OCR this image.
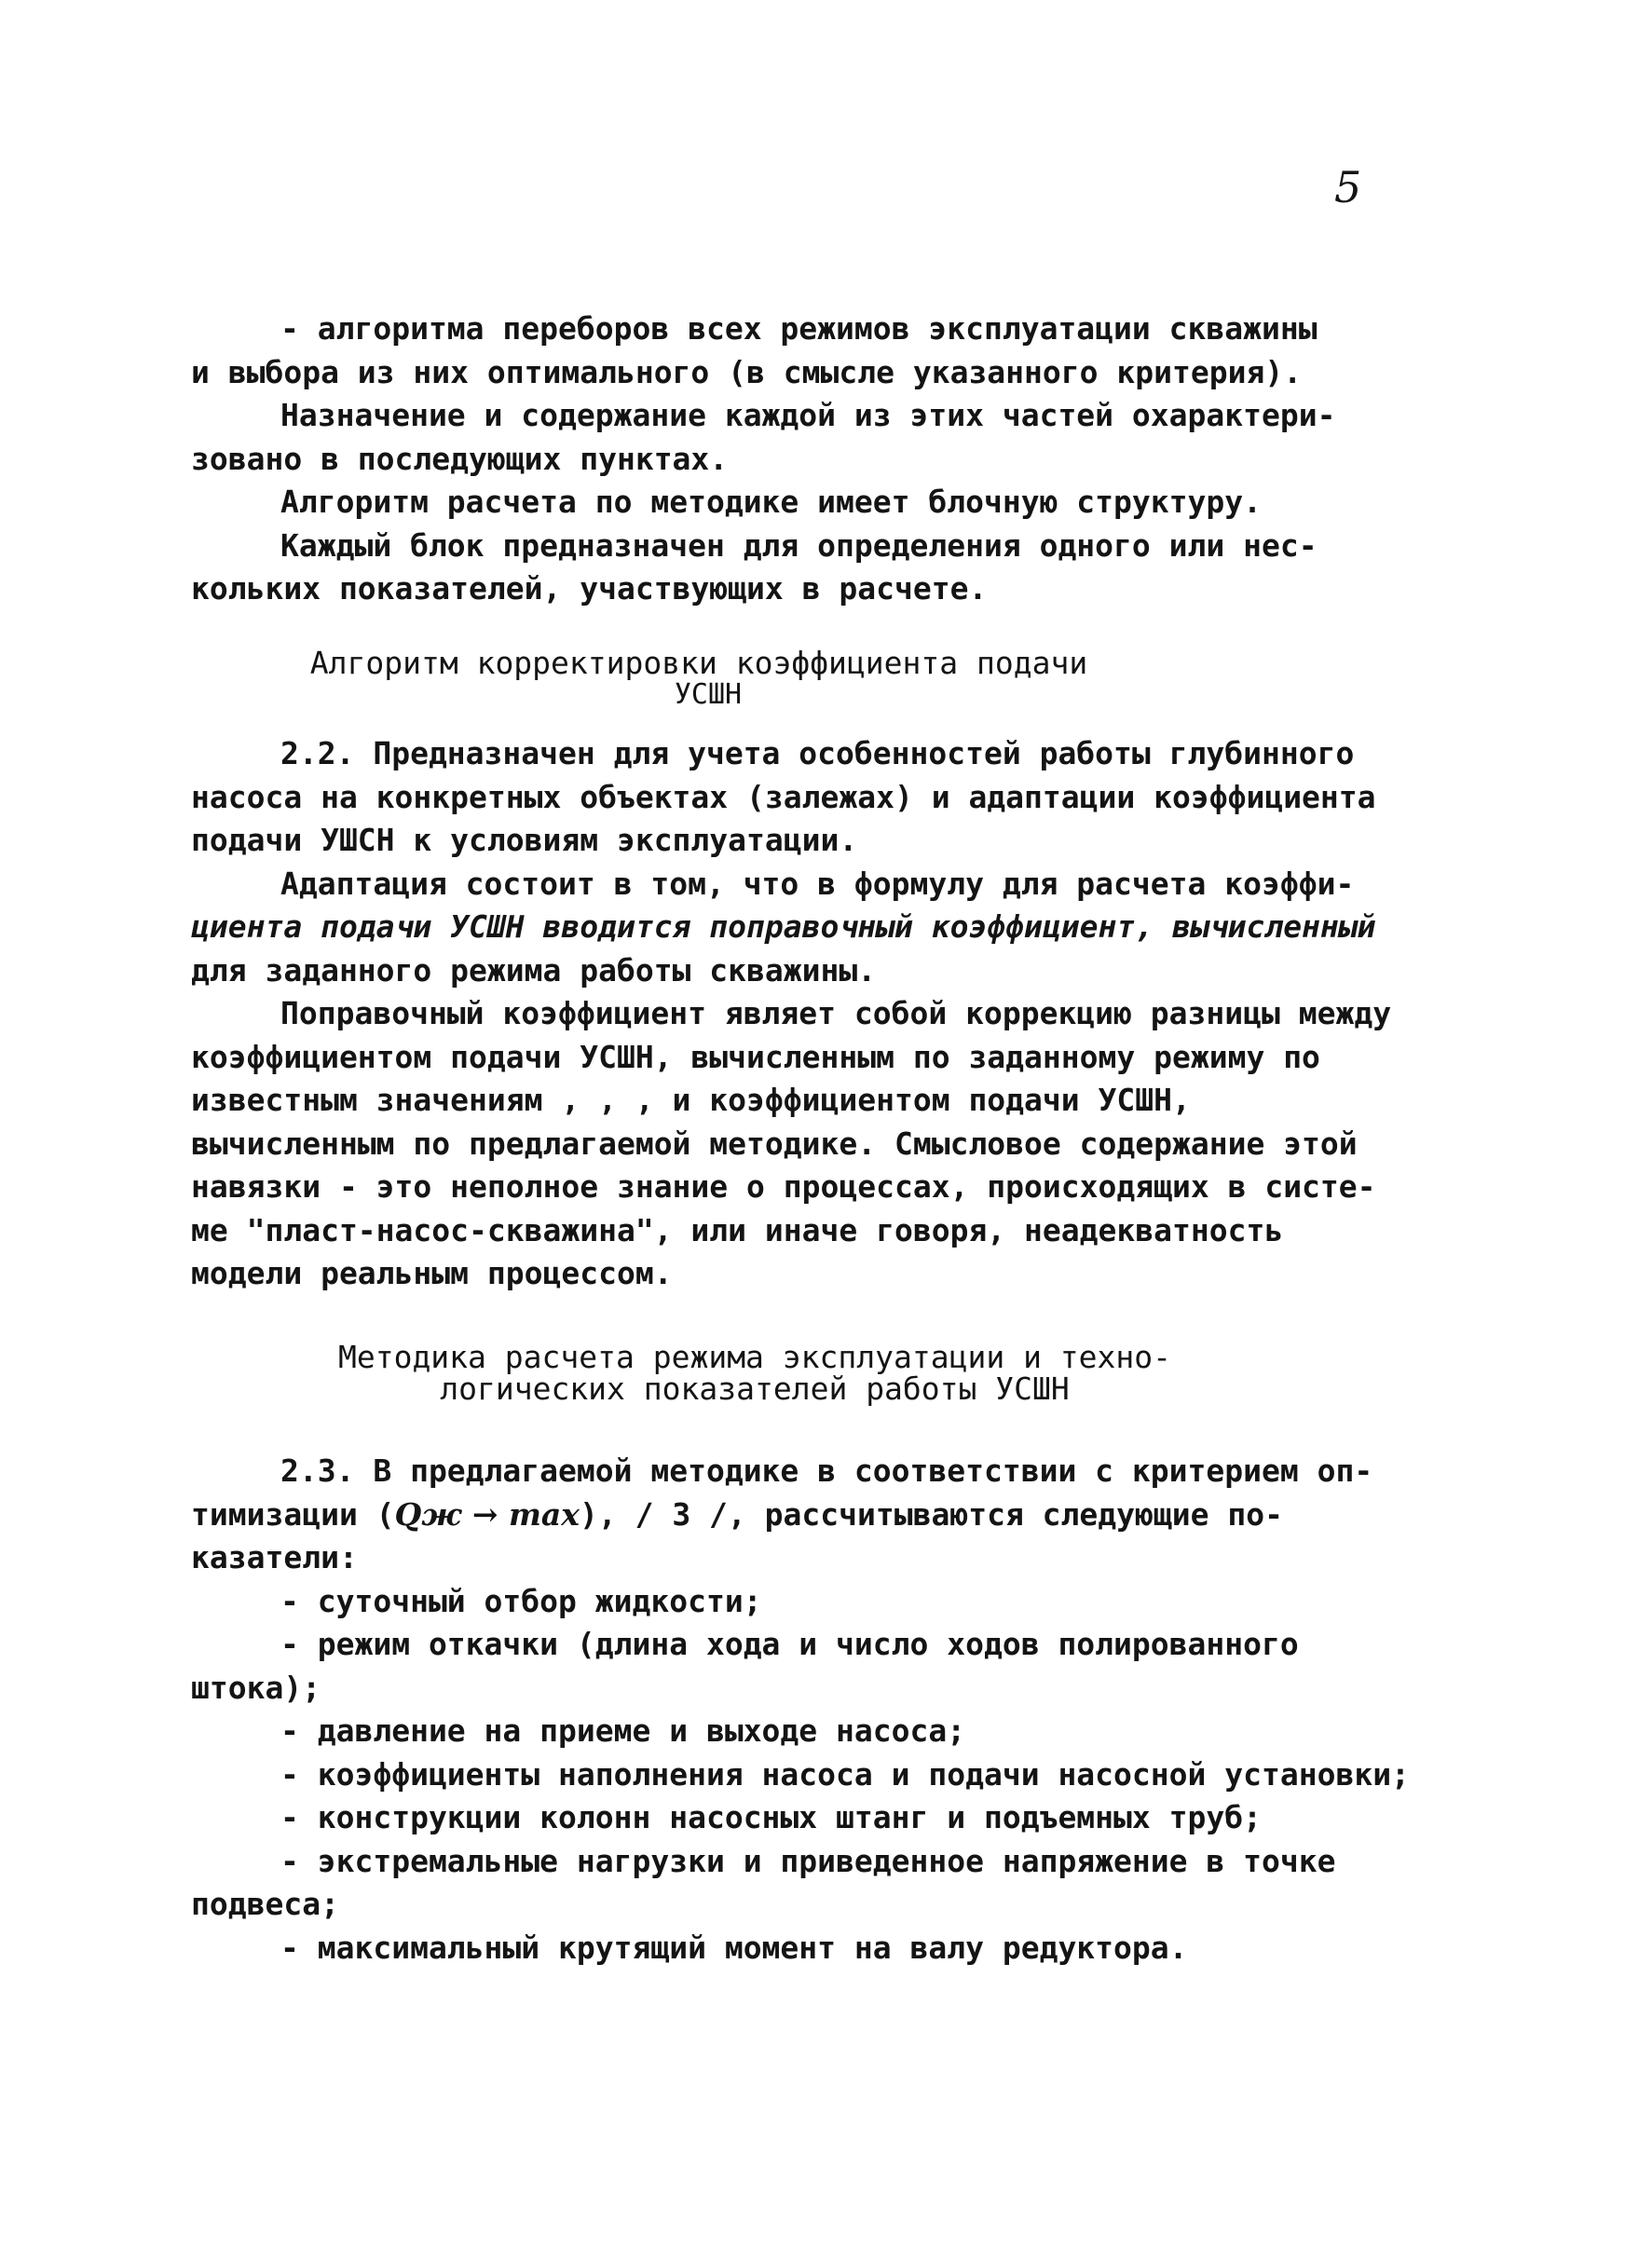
5
- алгоритма переборов всех режимов эксплуатации скважины
и выбора из них оптимального (в смысле указанного критерия).
Назначение и содержание каждой из этих частей охарактери-
зовано в последующих пунктах.
Алгоритм расчета по методике имеет блочную структуру.
Каждый блок предназначен для определения одного или нес-
кольких показателей, участвующих в расчете.
Алгоритм корректировки коэффициента подачи
УСШН
2.2. Предназначен для учета особенностей работы глубинного
насоса на конкретных объектах (залежах) и адаптации коэффициента
подачи УШСН к условиям эксплуатации.
Адаптация состоит в том, что в формулу для расчета коэффи-
циента подачи УСШН вводится поправочный коэффициент, вычисленный
для заданного режима работы скважины.
Поправочный коэффициент являет собой коррекцию разницы между
коэффициентом подачи УСШН, вычисленным по заданному режиму по
известным значениям , , , и коэффициентом подачи УСШН,
вычисленным по предлагаемой методике. Смысловое содержание этой
навязки - это неполное знание о процессах, происходящих в систе-
ме "пласт-насос-скважина", или иначе говоря, неадекватность
модели реальным процессом.
Методика расчета режима эксплуатации и техно-
логических показателей работы УСШН
2.3. В предлагаемой методике в соответствии с критерием оп-
тимизации (Qж → max), / 3 /, рассчитываются следующие по-
казатели:
- суточный отбор жидкости;
- режим откачки (длина хода и число ходов полированного
штока);
- давление на приеме и выходе насоса;
- коэффициенты наполнения насоса и подачи насосной установки;
- конструкции колонн насосных штанг и подъемных труб;
- экстремальные нагрузки и приведенное напряжение в точке
подвеса;
- максимальный крутящий момент на валу редуктора.
